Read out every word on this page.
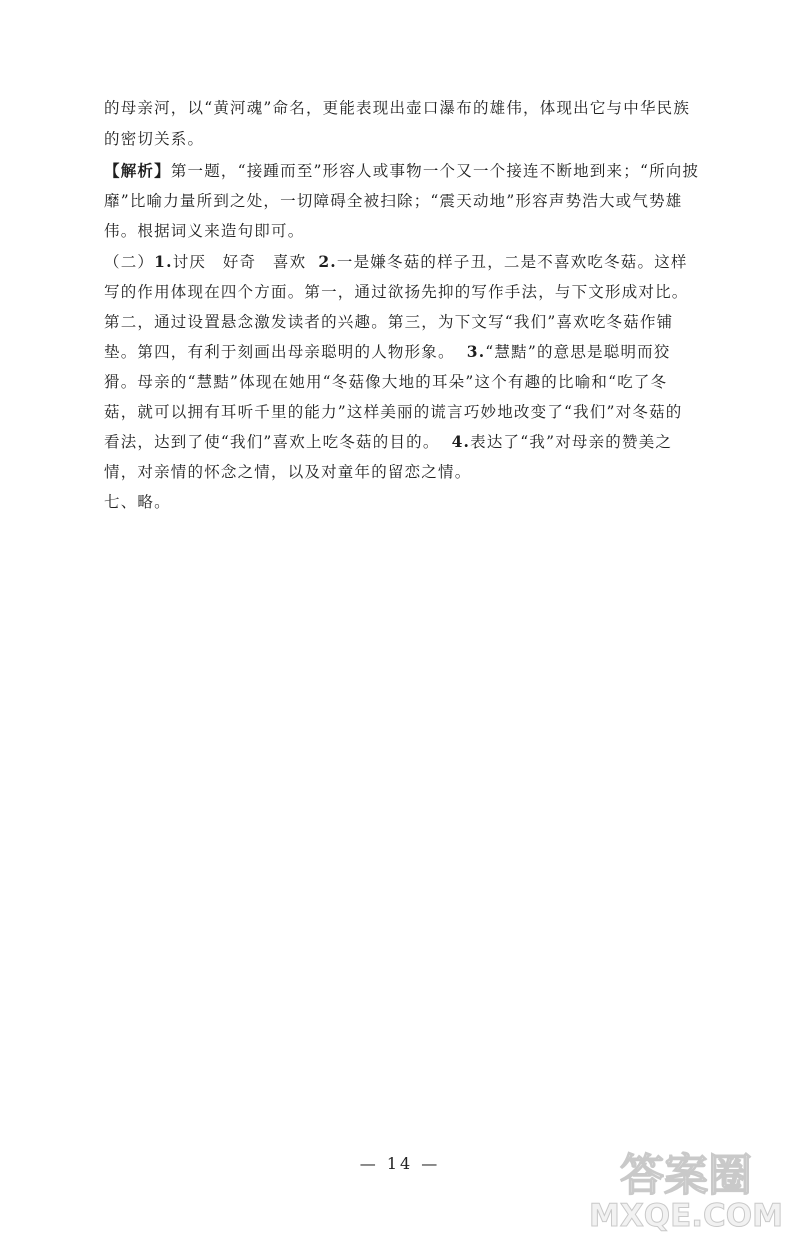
的母亲河，以“黄河魂”命名，更能表现出壶口瀑布的雄伟，体现出它与中华民族
的密切关系。
【解析】第一题，“接踵而至”形容人或事物一个又一个接连不断地到来；“所向披
靡”比喻力量所到之处，一切障碍全被扫除；“震天动地”形容声势浩大或气势雄
伟。根据词义来造句即可。
（二）1.讨厌　好奇　喜欢 2.一是嫌冬菇的样子丑，二是不喜欢吃冬菇。这样
写的作用体现在四个方面。第一，通过欲扬先抑的写作手法，与下文形成对比。
第二，通过设置悬念激发读者的兴趣。第三，为下文写“我们”喜欢吃冬菇作铺
垫。第四，有利于刻画出母亲聪明的人物形象。 3.“慧黠”的意思是聪明而狡
猾。母亲的“慧黠”体现在她用“冬菇像大地的耳朵”这个有趣的比喻和“吃了冬
菇，就可以拥有耳听千里的能力”这样美丽的谎言巧妙地改变了“我们”对冬菇的
看法，达到了使“我们”喜欢上吃冬菇的目的。 4.表达了“我”对母亲的赞美之
情，对亲情的怀念之情，以及对童年的留恋之情。
七、略。
— 14 —	答案圈
MXQE.COM
